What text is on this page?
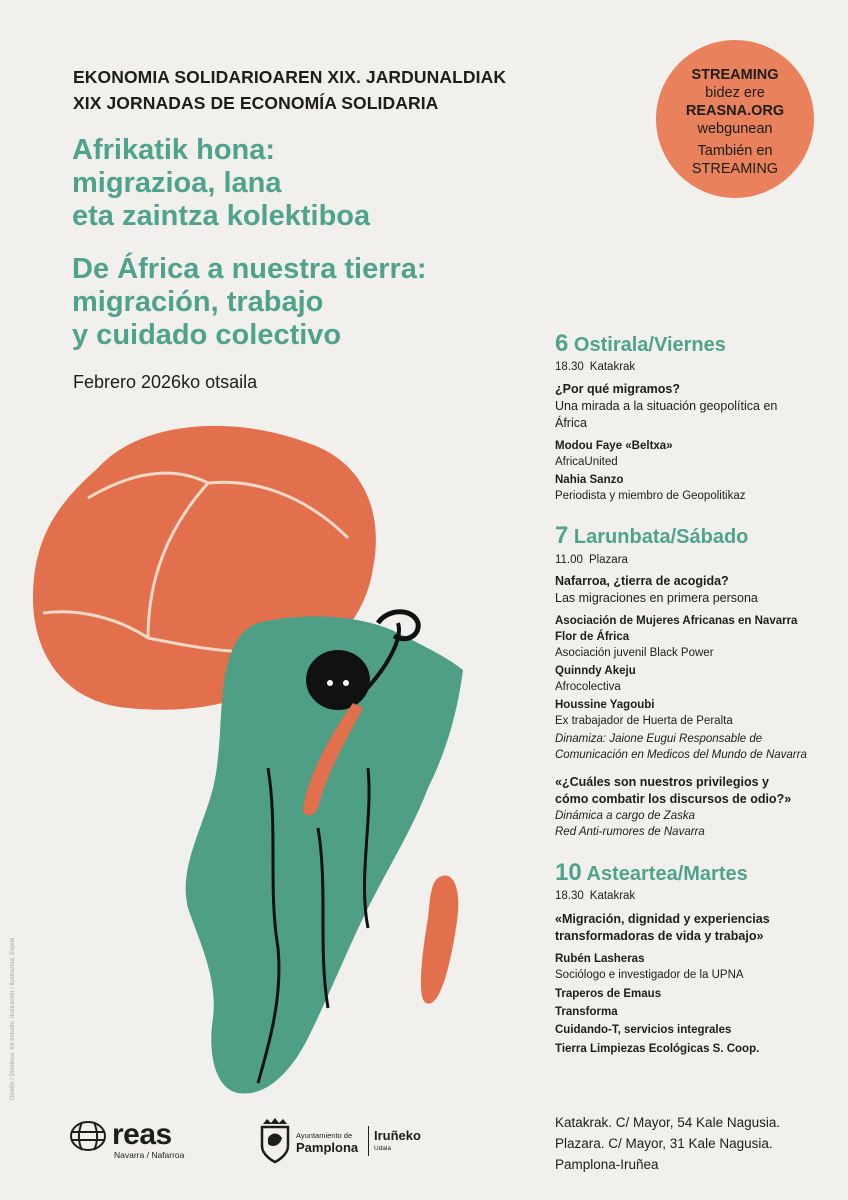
EKONOMIA SOLIDARIOAREN XIX. JARDUNALDIAK
XIX JORNADAS DE ECONOMÍA SOLIDARIA
Afrikatik hona:
migrazioa, lana
eta zaintza kolektiboa
De África a nuestra tierra:
migración, trabajo
y cuidado colectivo
Febrero 2026ko otsaila
STREAMING
bidez ere
REASNA.ORG
webgunean
También en
STREAMING
6 Ostirala/Viernes
18.30 Katakrak
¿Por qué migramos?
Una mirada a la situación geopolítica en África
Modou Faye «Beltxa»
AfricaUnited
Nahia Sanzo
Periodista y miembro de Geopolitikaz
7 Larunbata/Sábado
11.00 Plazara
Nafarroa, ¿tierra de acogida?
Las migraciones en primera persona
Asociación de Mujeres Africanas en Navarra
Flor de África
Asociación juvenil Black Power
Quinndy Akeju
Afrocolectiva
Houssine Yagoubi
Ex trabajador de Huerta de Peralta
Dinamiza: Jaione Eugui Responsable de Comunicación en Medicos del Mundo de Navarra
«¿Cuáles son nuestros privilegios y cómo combatir los discursos de odio?»
Dinámica a cargo de Zaska
Red Anti-rumores de Navarra
10 Asteartea/Martes
18.30 Katakrak
«Migración, dignidad y experiencias transformadoras de vida y trabajo»
Rubén Lasheras
Sociólogo e investigador de la UPNA
Traperos de Emaus
Transforma
Cuidando-T, servicios integrales
Tierra Limpiezas Ecológicas S. Coop.
Katakrak. C/ Mayor, 54 Kale Nagusia.
Plazara. C/ Mayor, 31 Kale Nagusia.
Pamplona-Iruñea
Diseño / Diseinua: Ké estudio. Ilustración / Ilustrazioa: Expral
reas
Navarra / Nafarroa
Ayuntamiento de
Pamplona
Iruñeko
Udala
